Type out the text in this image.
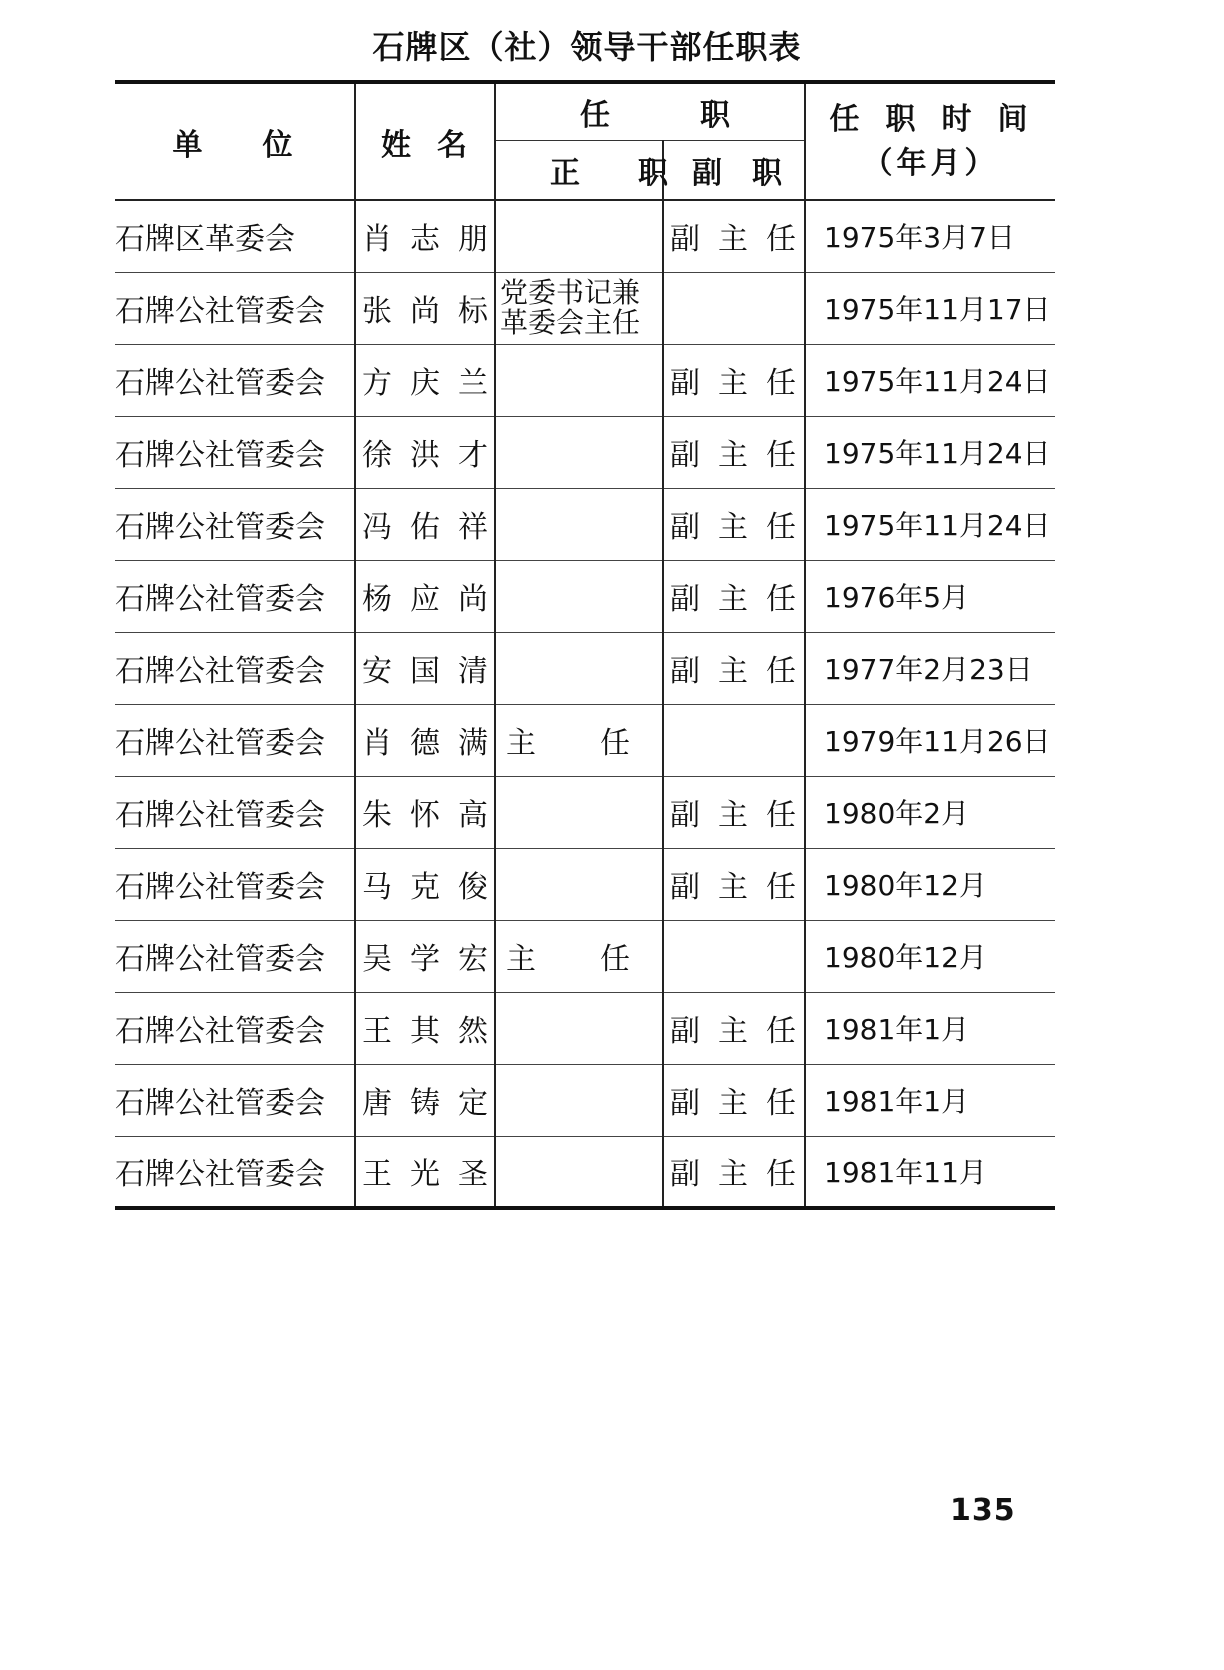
石牌区（社）领导干部任职表
单位	姓名	任职		任职时间
（年月）

		正职	副职	
石牌区革委会	肖志朋		副主任	1975年3月7日
石牌公社管委会	张尚标	党委书记兼革委会主任		1975年11月17日
石牌公社管委会	方庆兰		副主任	1975年11月24日
石牌公社管委会	徐洪才		副主任	1975年11月24日
石牌公社管委会	冯佑祥		副主任	1975年11月24日
石牌公社管委会	杨应尚		副主任	1976年5月
石牌公社管委会	安国清		副主任	1977年2月23日
石牌公社管委会	肖德满	主任		1979年11月26日
石牌公社管委会	朱怀高		副主任	1980年2月
石牌公社管委会	马克俊		副主任	1980年12月
石牌公社管委会	吴学宏	主任		1980年12月
石牌公社管委会	王其然		副主任	1981年1月
石牌公社管委会	唐铸定		副主任	1981年1月
石牌公社管委会	王光圣		副主任	1981年11月
135
